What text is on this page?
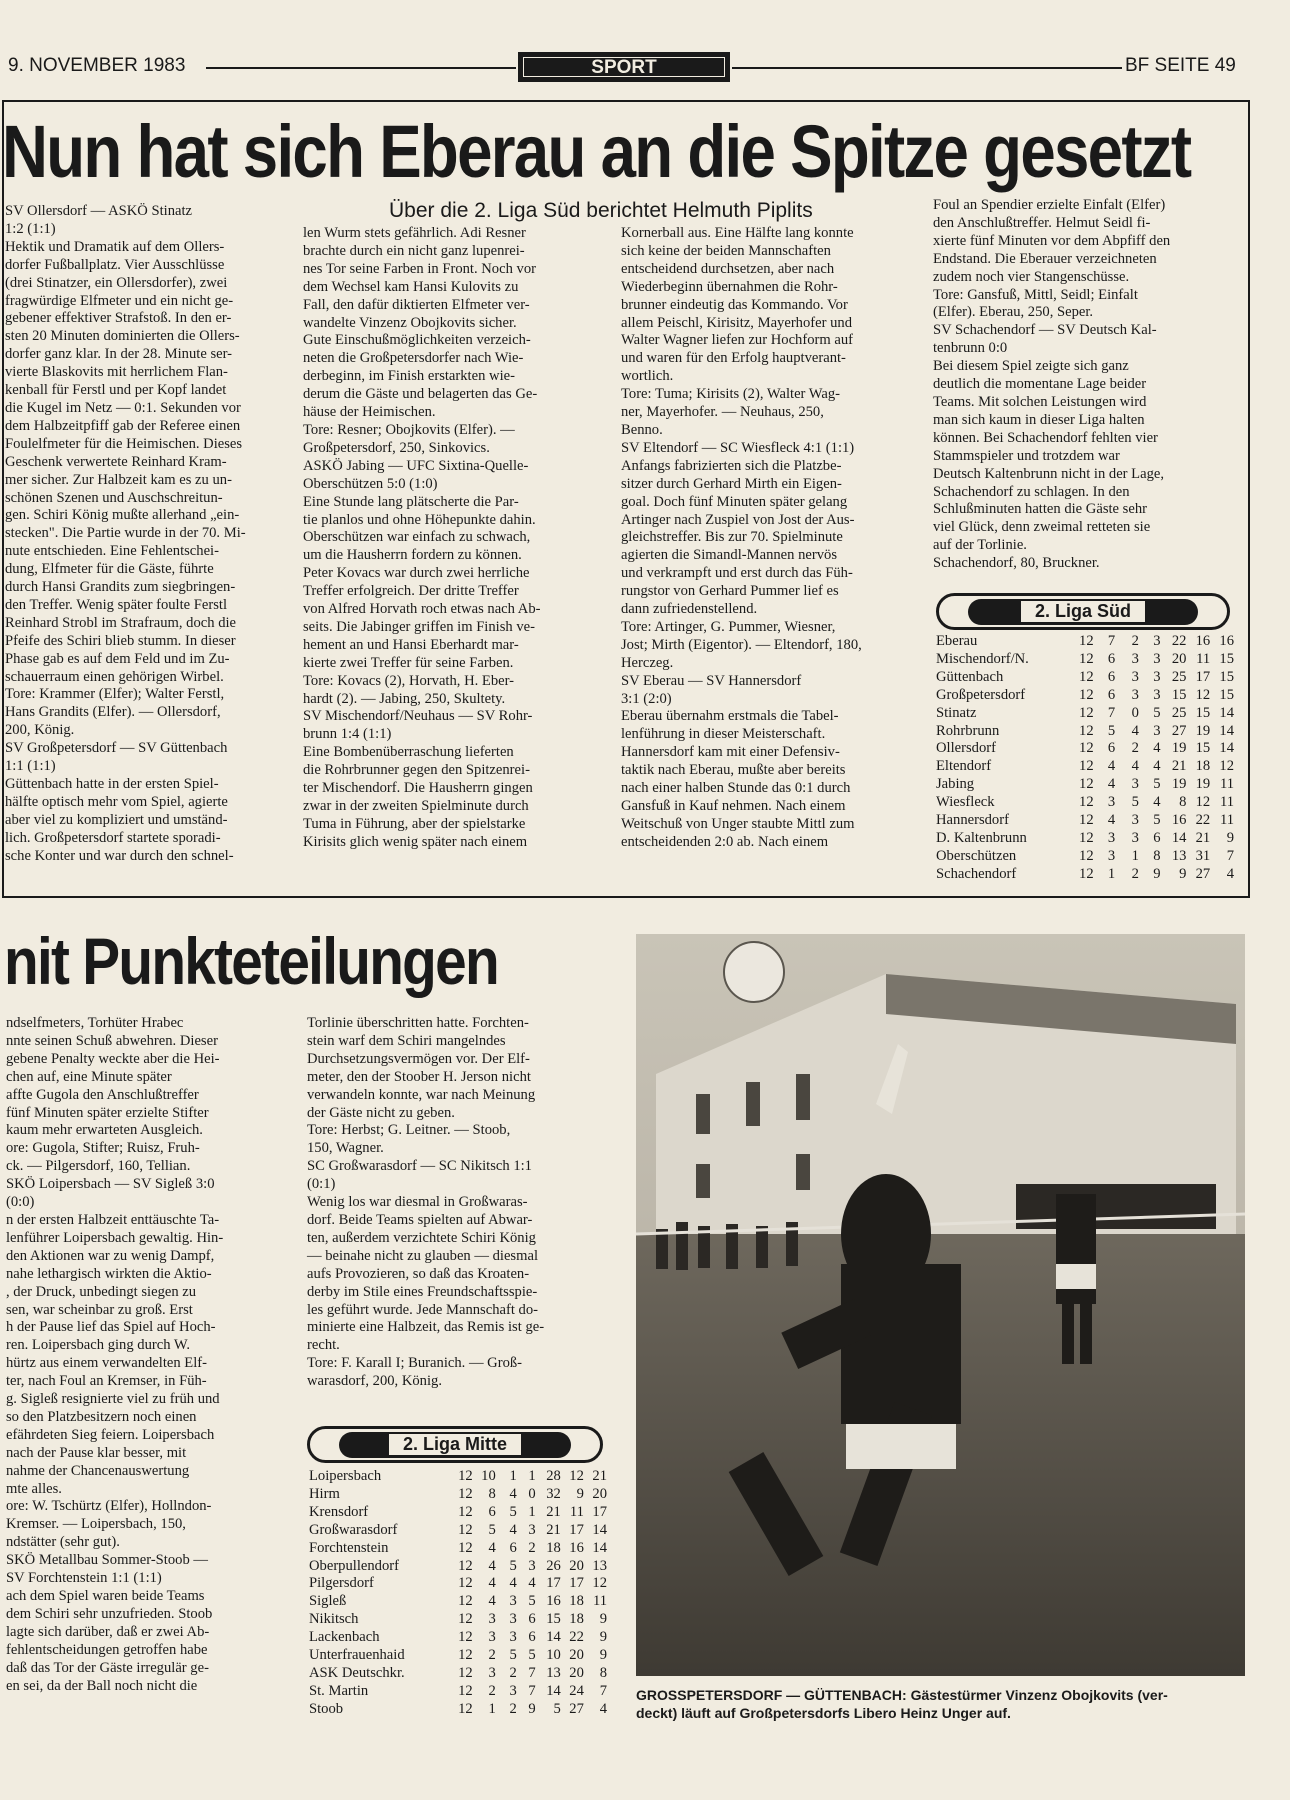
9. NOVEMBER 1983	SPORT	BF SEITE 49
Nun hat sich Eberau an die Spitze gesetzt
Über die 2. Liga Süd berichtet Helmuth Piplits
SV Ollersdorf — ASKÖ Stinatz
1:2 (1:1)
Hektik und Dramatik auf dem Ollers-
dorfer Fußballplatz. Vier Ausschlüsse
(drei Stinatzer, ein Ollersdorfer), zwei
fragwürdige Elfmeter und ein nicht ge-
gebener effektiver Strafstoß. In den er-
sten 20 Minuten dominierten die Ollers-
dorfer ganz klar. In der 28. Minute ser-
vierte Blaskovits mit herrlichem Flan-
kenball für Ferstl und per Kopf landet
die Kugel im Netz — 0:1. Sekunden vor
dem Halbzeitpfiff gab der Referee einen
Foulelfmeter für die Heimischen. Dieses
Geschenk verwertete Reinhard Kram-
mer sicher. Zur Halbzeit kam es zu un-
schönen Szenen und Auschschreitun-
gen. Schiri König mußte allerhand „ein-
stecken". Die Partie wurde in der 70. Mi-
nute entschieden. Eine Fehlentschei-
dung, Elfmeter für die Gäste, führte
durch Hansi Grandits zum siegbringen-
den Treffer. Wenig später foulte Ferstl
Reinhard Strobl im Strafraum, doch die
Pfeife des Schiri blieb stumm. In dieser
Phase gab es auf dem Feld und im Zu-
schauerraum einen gehörigen Wirbel.
Tore: Krammer (Elfer); Walter Ferstl,
Hans Grandits (Elfer). — Ollersdorf,
200, König.
SV Großpetersdorf — SV Güttenbach
1:1 (1:1)
Güttenbach hatte in der ersten Spiel-
hälfte optisch mehr vom Spiel, agierte
aber viel zu kompliziert und umständ-
lich. Großpetersdorf startete sporadi-
sche Konter und war durch den schnel-
len Wurm stets gefährlich. Adi Resner
brachte durch ein nicht ganz lupenrei-
nes Tor seine Farben in Front. Noch vor
dem Wechsel kam Hansi Kulovits zu
Fall, den dafür diktierten Elfmeter ver-
wandelte Vinzenz Obojkovits sicher.
Gute Einschußmöglichkeiten verzeich-
neten die Großpetersdorfer nach Wie-
derbeginn, im Finish erstarkten wie-
derum die Gäste und belagerten das Ge-
häuse der Heimischen.
Tore: Resner; Obojkovits (Elfer). —
Großpetersdorf, 250, Sinkovics.
ASKÖ Jabing — UFC Sixtina-Quelle-
Oberschützen 5:0 (1:0)
Eine Stunde lang plätscherte die Par-
tie planlos und ohne Höhepunkte dahin.
Oberschützen war einfach zu schwach,
um die Hausherrn fordern zu können.
Peter Kovacs war durch zwei herrliche
Treffer erfolgreich. Der dritte Treffer
von Alfred Horvath roch etwas nach Ab-
seits. Die Jabinger griffen im Finish ve-
hement an und Hansi Eberhardt mar-
kierte zwei Treffer für seine Farben.
Tore: Kovacs (2), Horvath, H. Eber-
hardt (2). — Jabing, 250, Skultety.
SV Mischendorf/Neuhaus — SV Rohr-
brunn 1:4 (1:1)
Eine Bombenüberraschung lieferten
die Rohrbrunner gegen den Spitzenrei-
ter Mischendorf. Die Hausherrn gingen
zwar in der zweiten Spielminute durch
Tuma in Führung, aber der spielstarke
Kirisits glich wenig später nach einem
Kornerball aus. Eine Hälfte lang konnte
sich keine der beiden Mannschaften
entscheidend durchsetzen, aber nach
Wiederbeginn übernahmen die Rohr-
brunner eindeutig das Kommando. Vor
allem Peischl, Kirisitz, Mayerhofer und
Walter Wagner liefen zur Hochform auf
und waren für den Erfolg hauptverant-
wortlich.
Tore: Tuma; Kirisits (2), Walter Wag-
ner, Mayerhofer. — Neuhaus, 250,
Benno.
SV Eltendorf — SC Wiesfleck 4:1 (1:1)
Anfangs fabrizierten sich die Platzbe-
sitzer durch Gerhard Mirth ein Eigen-
goal. Doch fünf Minuten später gelang
Artinger nach Zuspiel von Jost der Aus-
gleichstreffer. Bis zur 70. Spielminute
agierten die Simandl-Mannen nervös
und verkrampft und erst durch das Füh-
rungstor von Gerhard Pummer lief es
dann zufriedenstellend.
Tore: Artinger, G. Pummer, Wiesner,
Jost; Mirth (Eigentor). — Eltendorf, 180,
Herczeg.
SV Eberau — SV Hannersdorf
3:1 (2:0)
Eberau übernahm erstmals die Tabel-
lenführung in dieser Meisterschaft.
Hannersdorf kam mit einer Defensiv-
taktik nach Eberau, mußte aber bereits
nach einer halben Stunde das 0:1 durch
Gansfuß in Kauf nehmen. Nach einem
Weitschuß von Unger staubte Mittl zum
entscheidenden 2:0 ab. Nach einem
Foul an Spendier erzielte Einfalt (Elfer)
den Anschlußtreffer. Helmut Seidl fi-
xierte fünf Minuten vor dem Abpfiff den
Endstand. Die Eberauer verzeichneten
zudem noch vier Stangenschüsse.
Tore: Gansfuß, Mittl, Seidl; Einfalt
(Elfer). Eberau, 250, Seper.
SV Schachendorf — SV Deutsch Kal-
tenbrunn 0:0
Bei diesem Spiel zeigte sich ganz
deutlich die momentane Lage beider
Teams. Mit solchen Leistungen wird
man sich kaum in dieser Liga halten
können. Bei Schachendorf fehlten vier
Stammspieler und trotzdem war
Deutsch Kaltenbrunn nicht in der Lage,
Schachendorf zu schlagen. In den
Schlußminuten hatten die Gäste sehr
viel Glück, denn zweimal retteten sie
auf der Torlinie.
Schachendorf, 80, Bruckner.
2. Liga Süd
Eberau	12	7	2	3	22	16	16
Mischendorf/N.	12	6	3	3	20	11	15
Güttenbach	12	6	3	3	25	17	15
Großpetersdorf	12	6	3	3	15	12	15
Stinatz	12	7	0	5	25	15	14
Rohrbrunn	12	5	4	3	27	19	14
Ollersdorf	12	6	2	4	19	15	14
Eltendorf	12	4	4	4	21	18	12
Jabing	12	4	3	5	19	19	11
Wiesfleck	12	3	5	4	8	12	11
Hannersdorf	12	4	3	5	16	22	11
D. Kaltenbrunn	12	3	3	6	14	21	9
Oberschützen	12	3	1	8	13	31	7
Schachendorf	12	1	2	9	9	27	4
nit Punkteteilungen
ndselfmeters, Torhüter Hrabec
nnte seinen Schuß abwehren. Dieser
gebene Penalty weckte aber die Hei-
chen auf, eine Minute später
affte Gugola den Anschlußtreffer
fünf Minuten später erzielte Stifter
kaum mehr erwarteten Ausgleich.
ore: Gugola, Stifter; Ruisz, Fruh-
ck. — Pilgersdorf, 160, Tellian.
SKÖ Loipersbach — SV Sigleß 3:0
(0:0)
n der ersten Halbzeit enttäuschte Ta-
lenführer Loipersbach gewaltig. Hin-
den Aktionen war zu wenig Dampf,
nahe lethargisch wirkten die Aktio-
, der Druck, unbedingt siegen zu
sen, war scheinbar zu groß. Erst
h der Pause lief das Spiel auf Hoch-
ren. Loipersbach ging durch W.
hürtz aus einem verwandelten Elf-
ter, nach Foul an Kremser, in Füh-
g. Sigleß resignierte viel zu früh und
so den Platzbesitzern noch einen
efährdeten Sieg feiern. Loipersbach
nach der Pause klar besser, mit
nahme der Chancenauswertung
mte alles.
ore: W. Tschürtz (Elfer), Hollndon-
Kremser. — Loipersbach, 150,
ndstätter (sehr gut).
SKÖ Metallbau Sommer-Stoob —
SV Forchtenstein 1:1 (1:1)
ach dem Spiel waren beide Teams
dem Schiri sehr unzufrieden. Stoob
lagte sich darüber, daß er zwei Ab-
fehlentscheidungen getroffen habe
daß das Tor der Gäste irregulär ge-
en sei, da der Ball noch nicht die
Torlinie überschritten hatte. Forchten-
stein warf dem Schiri mangelndes
Durchsetzungsvermögen vor. Der Elf-
meter, den der Stoober H. Jerson nicht
verwandeln konnte, war nach Meinung
der Gäste nicht zu geben.
Tore: Herbst; G. Leitner. — Stoob,
150, Wagner.
SC Großwarasdorf — SC Nikitsch 1:1
(0:1)
Wenig los war diesmal in Großwaras-
dorf. Beide Teams spielten auf Abwar-
ten, außerdem verzichtete Schiri König
— beinahe nicht zu glauben — diesmal
aufs Provozieren, so daß das Kroaten-
derby im Stile eines Freundschaftsspie-
les geführt wurde. Jede Mannschaft do-
minierte eine Halbzeit, das Remis ist ge-
recht.
Tore: F. Karall I; Buranich. — Groß-
warasdorf, 200, König.
2. Liga Mitte
Loipersbach	12	10	1	1	28	12	21
Hirm	12	8	4	0	32	9	20
Krensdorf	12	6	5	1	21	11	17
Großwarasdorf	12	5	4	3	21	17	14
Forchtenstein	12	4	6	2	18	16	14
Oberpullendorf	12	4	5	3	26	20	13
Pilgersdorf	12	4	4	4	17	17	12
Sigleß	12	4	3	5	16	18	11
Nikitsch	12	3	3	6	15	18	9
Lackenbach	12	3	3	6	14	22	9
Unterfrauenhaid	12	2	5	5	10	20	9
ASK Deutschkr.	12	3	2	7	13	20	8
St. Martin	12	2	3	7	14	24	7
Stoob	12	1	2	9	5	27	4
GROSSPETERSDORF — GÜTTENBACH: Gästestürmer Vinzenz Obojkovits (ver-
deckt) läuft auf Großpetersdorfs Libero Heinz Unger auf.
